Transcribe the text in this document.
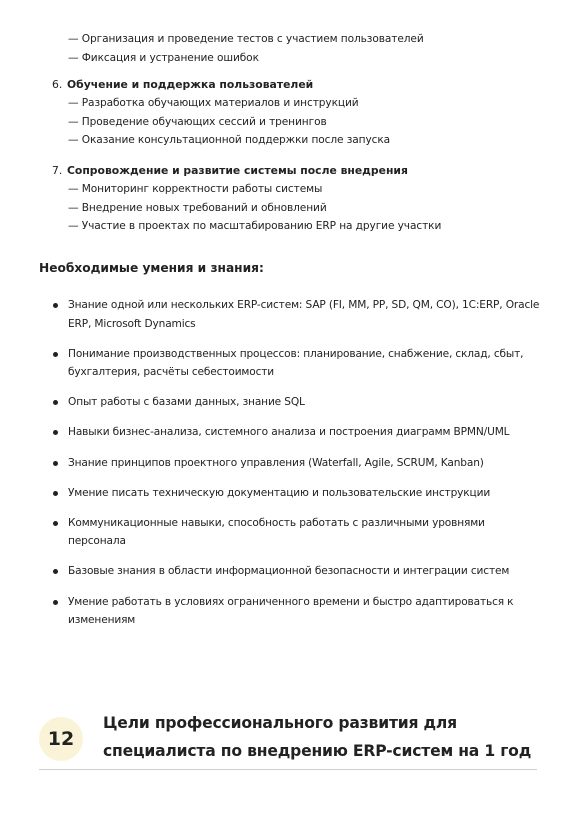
— Организация и проведение тестов с участием пользователей
— Фиксация и устранение ошибок
6. Обучение и поддержка пользователей
— Разработка обучающих материалов и инструкций
— Проведение обучающих сессий и тренингов
— Оказание консультационной поддержки после запуска
7. Сопровождение и развитие системы после внедрения
— Мониторинг корректности работы системы
— Внедрение новых требований и обновлений
— Участие в проектах по масштабированию ERP на другие участки
Необходимые умения и знания:
Знание одной или нескольких ERP-систем: SAP (FI, MM, PP, SD, QM, CO), 1С:ERP, Oracle ERP, Microsoft Dynamics
Понимание производственных процессов: планирование, снабжение, склад, сбыт, бухгалтерия, расчёты себестоимости
Опыт работы с базами данных, знание SQL
Навыки бизнес-анализа, системного анализа и построения диаграмм BPMN/UML
Знание принципов проектного управления (Waterfall, Agile, SCRUM, Kanban)
Умение писать техническую документацию и пользовательские инструкции
Коммуникационные навыки, способность работать с различными уровнями персонала
Базовые знания в области информационной безопасности и интеграции систем
Умение работать в условиях ограниченного времени и быстро адаптироваться к изменениям
12
Цели профессионального развития для специалиста по внедрению ERP-систем на 1 год
